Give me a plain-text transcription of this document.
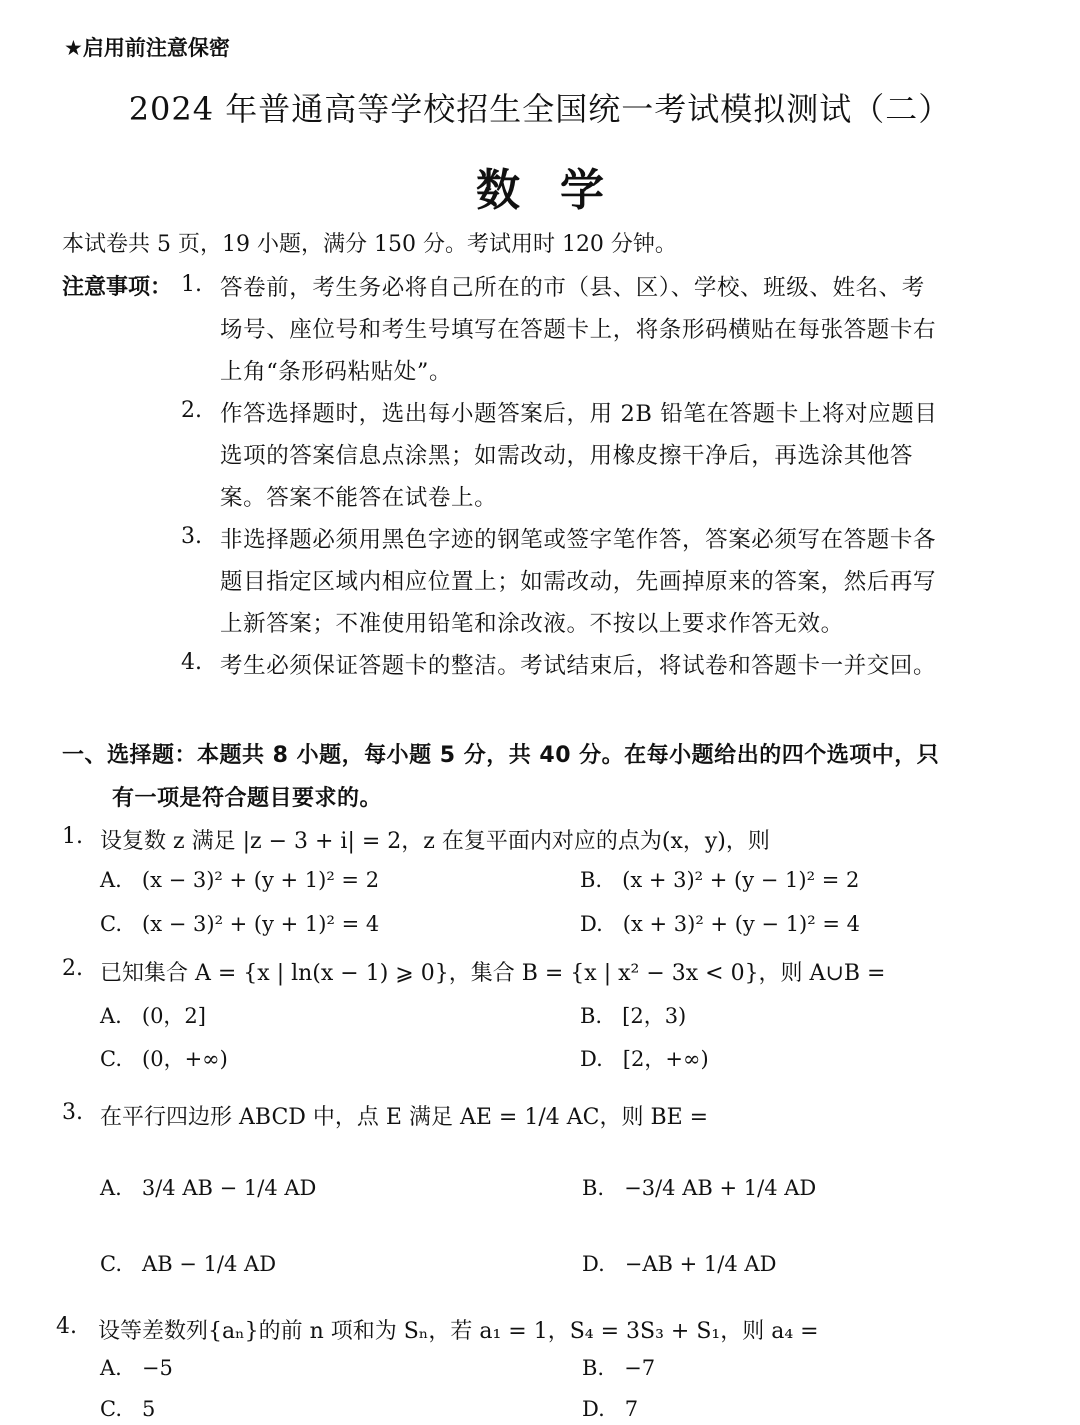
★启用前注意保密
2024 年普通高等学校招生全国统一考试模拟测试（二）
数学
本试卷共 5 页，19 小题，满分 150 分。考试用时 120 分钟。
注意事项： 1. 答卷前，考生务必将自己所在的市（县、区）、学校、班级、姓名、考
场号、座位号和考生号填写在答题卡上，将条形码横贴在每张答题卡右
上角“条形码粘贴处”。
2. 作答选择题时，选出每小题答案后，用 2B 铅笔在答题卡上将对应题目
选项的答案信息点涂黑；如需改动，用橡皮擦干净后，再选涂其他答
案。答案不能答在试卷上。
3. 非选择题必须用黑色字迹的钢笔或签字笔作答，答案必须写在答题卡各
题目指定区域内相应位置上；如需改动，先画掉原来的答案，然后再写
上新答案；不准使用铅笔和涂改液。不按以上要求作答无效。
4. 考生必须保证答题卡的整洁。考试结束后，将试卷和答题卡一并交回。
一、选择题：本题共 8 小题，每小题 5 分，共 40 分。在每小题给出的四个选项中，只
有一项是符合题目要求的。
1. 设复数 z 满足 |z − 3 + i| = 2，z 在复平面内对应的点为(x，y)，则
A. (x − 3)² + (y + 1)² = 2	B. (x + 3)² + (y − 1)² = 2
C. (x − 3)² + (y + 1)² = 4	D. (x + 3)² + (y − 1)² = 4
2. 已知集合 A = {x | ln(x − 1) ⩾ 0}，集合 B = {x | x² − 3x < 0}，则 A∪B =
A. (0，2]	B. [2，3)
C. (0，+∞)	D. [2，+∞)
3. 在平行四边形 ABCD 中，点 E 满足 AE = 1/4 AC，则 BE =
A. 3/4 AB − 1/4 AD	B. −3/4 AB + 1/4 AD
C. AB − 1/4 AD	D. −AB + 1/4 AD
4. 设等差数列{aₙ}的前 n 项和为 Sₙ，若 a₁ = 1，S₄ = 3S₃ + S₁，则 a₄ =
A. −5	B. −7
C. 5	D. 7
